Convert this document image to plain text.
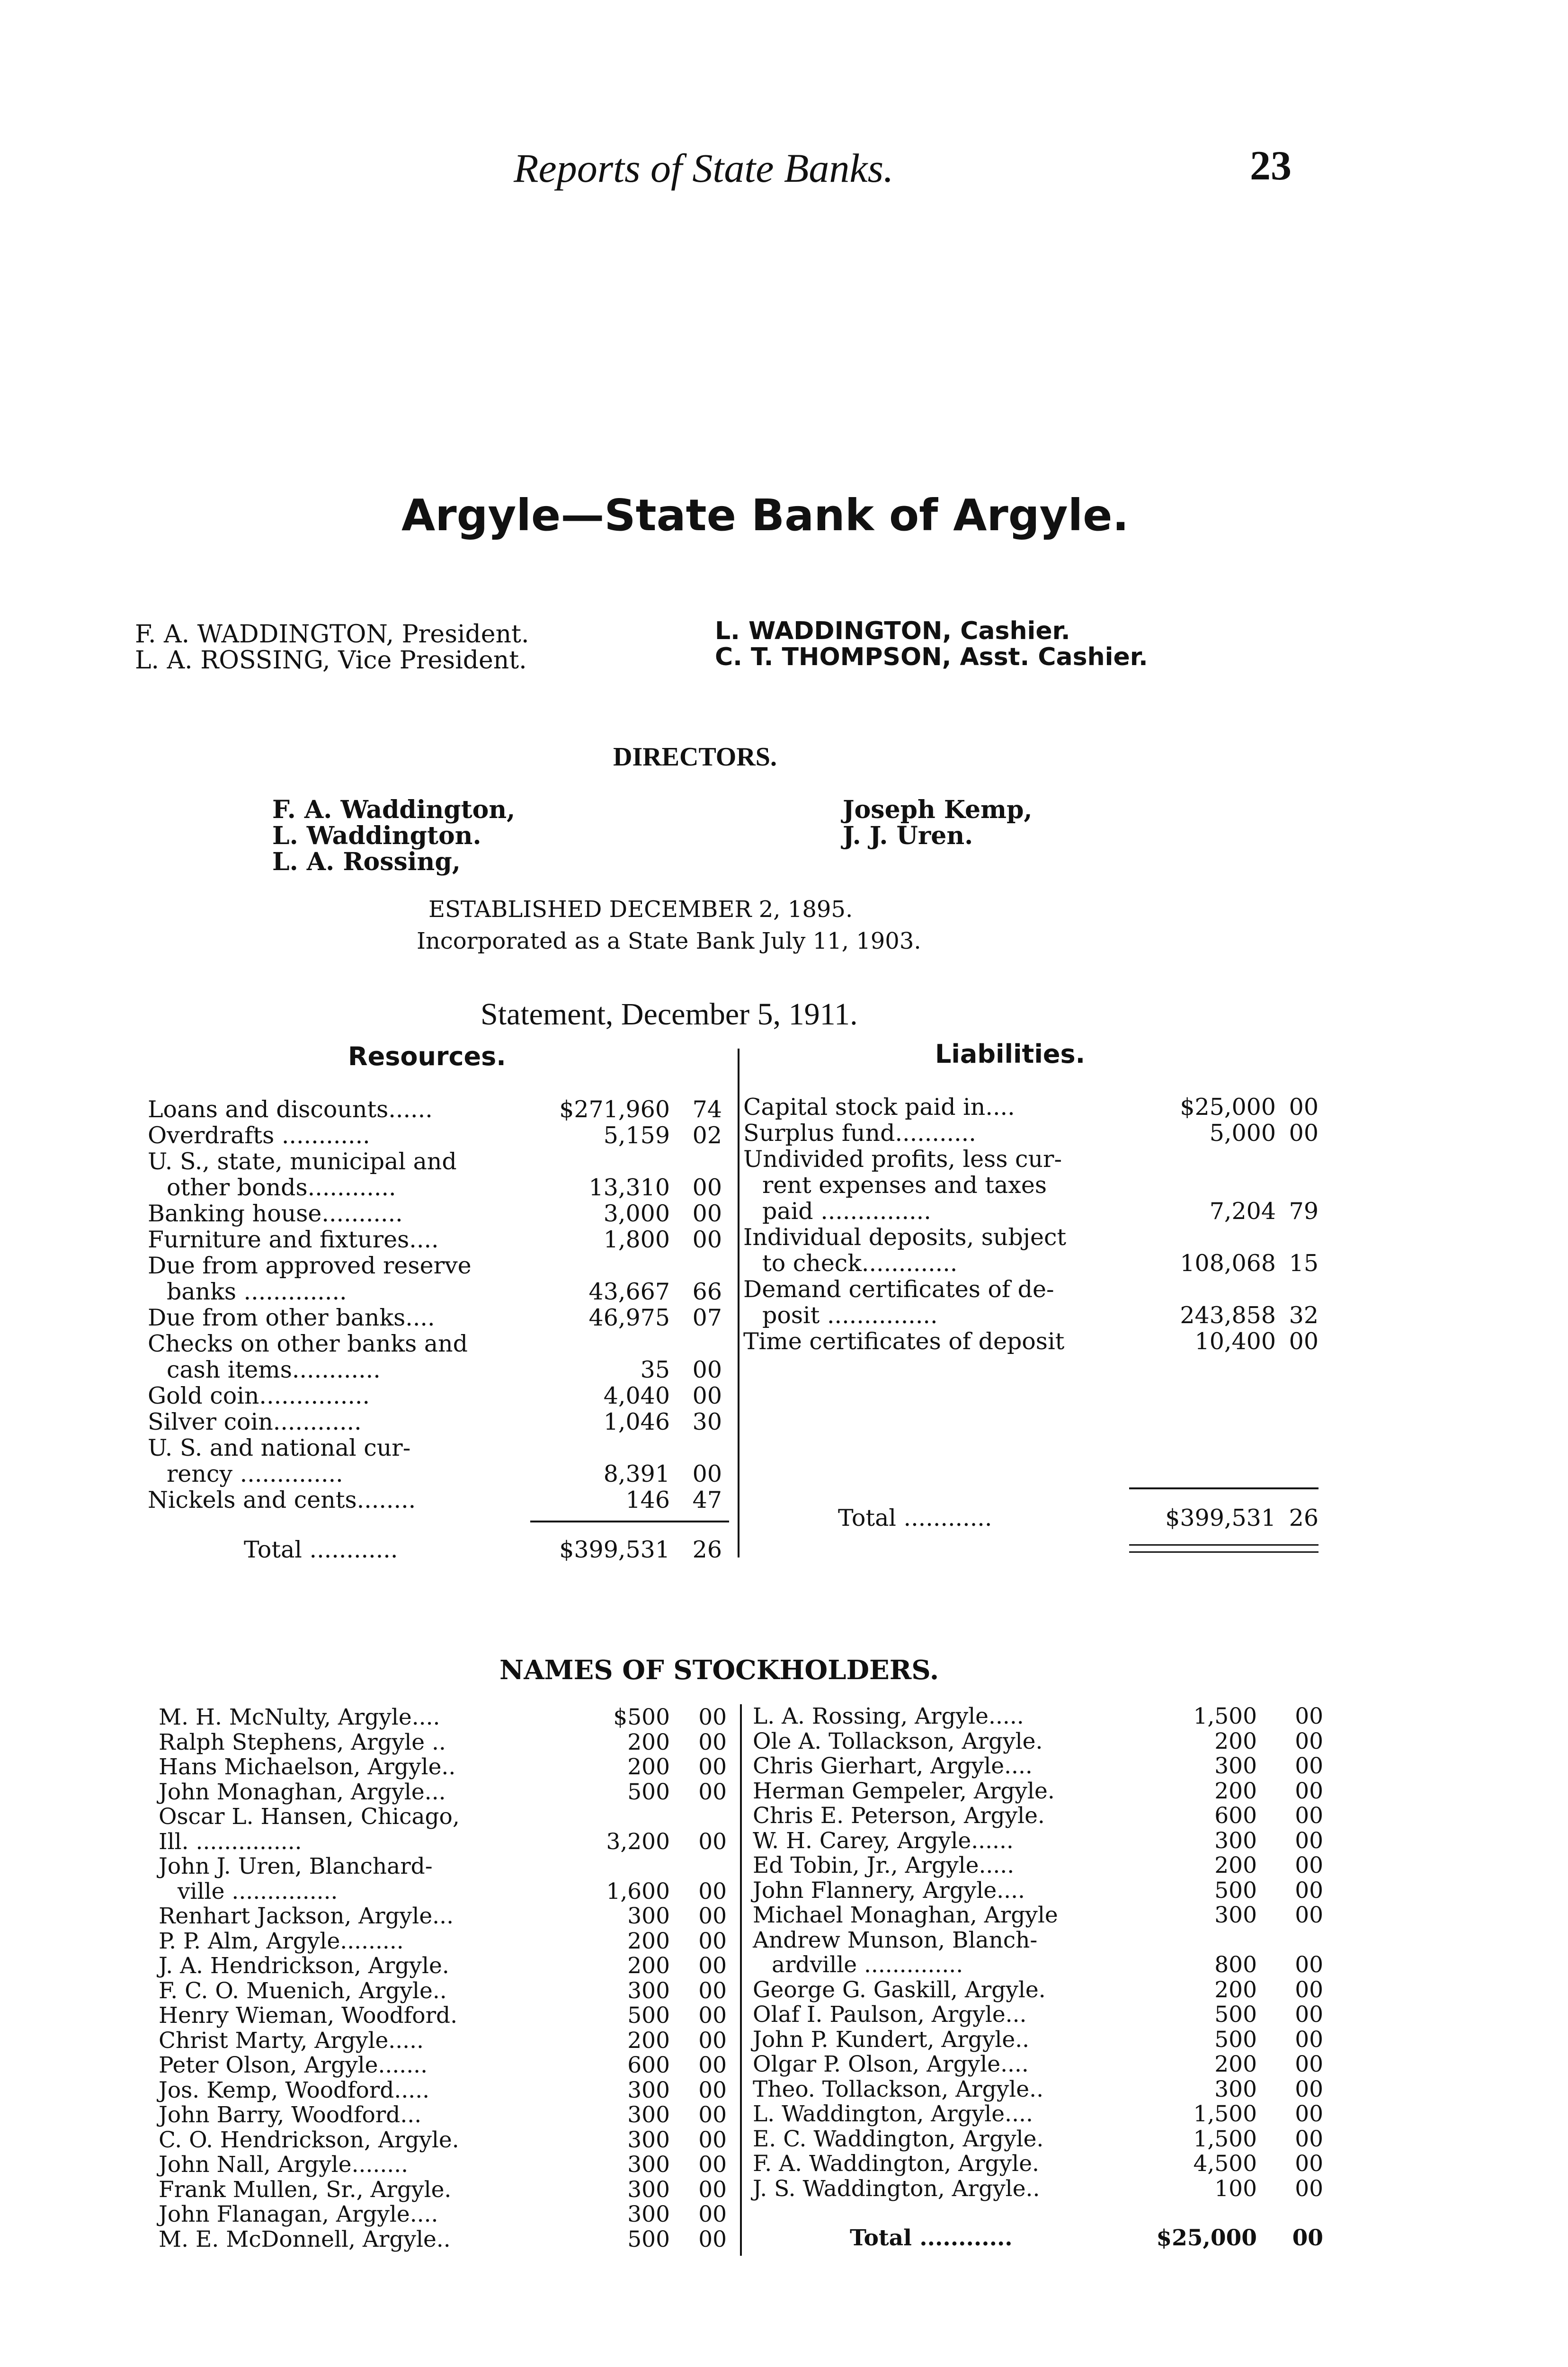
Reports of State Banks.	23
Argyle—State Bank of Argyle.
F. A. WADDINGTON, President.
L. A. ROSSING, Vice President.
L. WADDINGTON, Cashier.
C. T. THOMPSON, Asst. Cashier.
DIRECTORS.
F. A. Waddington,
L. Waddington.
L. A. Rossing,
Joseph Kemp,
J. J. Uren.
ESTABLISHED DECEMBER 2, 1895.
Incorporated as a State Bank July 11, 1903.
Statement, December 5, 1911.
Resources.	Liabilities.
Loans and discounts......	$271,960 74
Overdrafts ............	5,159 02
U. S., state, municipal and
other bonds............	13,310 00
Banking house...........	3,000 00
Furniture and fixtures....	1,800 00
Due from approved reserve
banks ..............	43,667 66
Due from other banks....	46,975 07
Checks on other banks and
cash items............	35 00
Gold coin...............	4,040 00
Silver coin............	1,046 30
U. S. and national cur-
rency ..............	8,391 00
Nickels and cents........	146 47
Total ............	$399,531 26
Capital stock paid in....	$25,000 00
Surplus fund...........	5,000 00
Undivided profits, less cur-
rent expenses and taxes
paid ...............	7,204 79
Individual deposits, subject
to check.............	108,068 15
Demand certificates of de-
posit ...............	243,858 32
Time certificates of deposit	10,400 00
Total ............	$399,531 26
NAMES OF STOCKHOLDERS.
M. H. McNulty, Argyle....	$500	00
Ralph Stephens, Argyle ..	200	00
Hans Michaelson, Argyle..	200	00
John Monaghan, Argyle...	500	00
Oscar L. Hansen, Chicago,
Ill. ...............	3,200	00
John J. Uren, Blanchard-
ville ...............	1,600	00
Renhart Jackson, Argyle...	300	00
P. P. Alm, Argyle.........	200	00
J. A. Hendrickson, Argyle.	200	00
F. C. O. Muenich, Argyle..	300	00
Henry Wieman, Woodford.	500	00
Christ Marty, Argyle.....	200	00
Peter Olson, Argyle.......	600	00
Jos. Kemp, Woodford.....	300	00
John Barry, Woodford...	300	00
C. O. Hendrickson, Argyle.	300	00
John Nall, Argyle........	300	00
Frank Mullen, Sr., Argyle.	300	00
John Flanagan, Argyle....	300	00
M. E. McDonnell, Argyle..	500	00
L. A. Rossing, Argyle.....	1,500	00
Ole A. Tollackson, Argyle.	200	00
Chris Gierhart, Argyle....	300	00
Herman Gempeler, Argyle.	200	00
Chris E. Peterson, Argyle.	600	00
W. H. Carey, Argyle......	300	00
Ed Tobin, Jr., Argyle.....	200	00
John Flannery, Argyle....	500	00
Michael Monaghan, Argyle	300	00
Andrew Munson, Blanch-
ardville ..............	800	00
George G. Gaskill, Argyle.	200	00
Olaf I. Paulson, Argyle...	500	00
John P. Kundert, Argyle..	500	00
Olgar P. Olson, Argyle....	200	00
Theo. Tollackson, Argyle..	300	00
L. Waddington, Argyle....	1,500	00
E. C. Waddington, Argyle.	1,500	00
F. A. Waddington, Argyle.	4,500	00
J. S. Waddington, Argyle..	100	00
Total ............	$25,000	00
